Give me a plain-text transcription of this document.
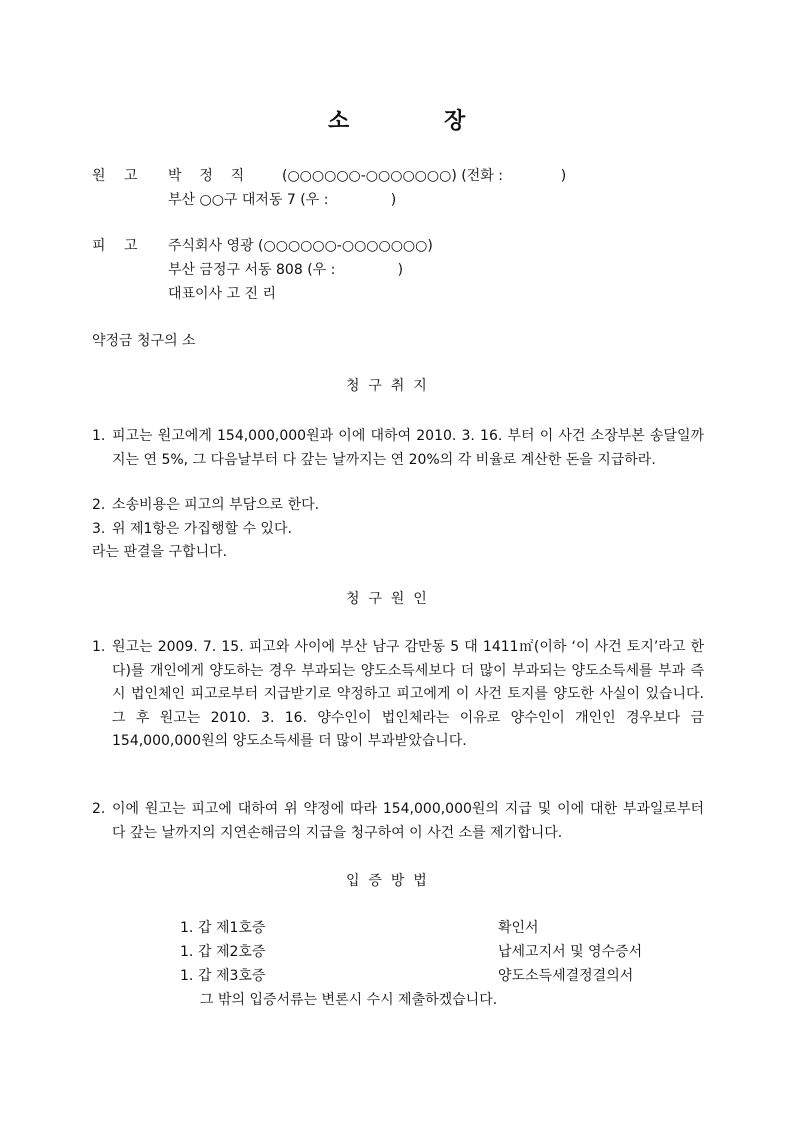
소	장
원 고 박    정    직	(○○○○○○-○○○○○○○) (전화 :             )
부산 ○○구 대저동 7 (우 :              )
피 고 주식회사 영광 (○○○○○○-○○○○○○○)
부산 금정구 서동 808 (우 :              )
대표이사 고 진 리
약정금 청구의 소
청  구  취  지
1. 피고는 원고에게 154,000,000원과 이에 대하여 2010. 3. 16. 부터 이 사건 소장부본 송달일까지는 연 5%, 그 다음날부터 다 갚는 날까지는 연 20%의 각 비율로 계산한 돈을 지급하라.
2. 소송비용은 피고의 부담으로 한다.
3. 위 제1항은 가집행할 수 있다.
라는 판결을 구합니다.
청  구  원  인
1. 원고는 2009. 7. 15. 피고와 사이에 부산 남구 감만동 5 대 1411㎡(이하 ‘이 사건 토지’라고 한다)를 개인에게 양도하는 경우 부과되는 양도소득세보다 더 많이 부과되는 양도소득세를 부과 즉시 법인체인 피고로부터 지급받기로 약정하고 피고에게 이 사건 토지를 양도한 사실이 있습니다. 그 후 원고는 2010. 3. 16. 양수인이 법인체라는 이유로 양수인이 개인인 경우보다 금 154,000,000원의 양도소득세를 더 많이 부과받았습니다.
2. 이에 원고는 피고에 대하여 위 약정에 따라 154,000,000원의 지급 및 이에 대한 부과일로부터 다 갚는 날까지의 지연손해금의 지급을 청구하여 이 사건 소를 제기합니다.
입  증  방  법
1. 갑 제1호증	확인서
1. 갑 제2호증	납세고지서 및 영수증서
1. 갑 제3호증	양도소득세결정결의서
그 밖의 입증서류는 변론시 수시 제출하겠습니다.
